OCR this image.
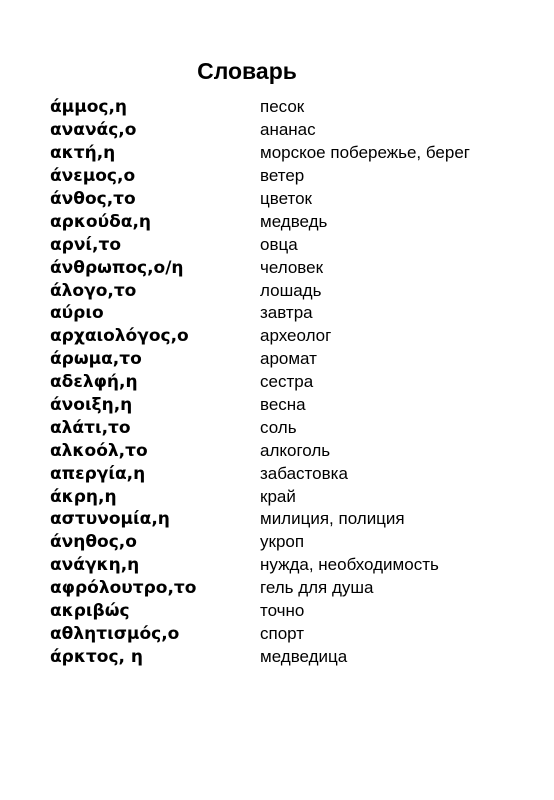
Словарь
άμμος,η	песок
ανανάς,ο	ананас
ακτή,η	морское побережье, берег
άνεμος,ο	ветер
άνθος,το	цветок
αρκούδα,η	медведь
αρνί,το	овца
άνθρωπος,ο/η	человек
άλογο,το	лошадь
αύριο	завтра
αρχαιολόγος,ο	археолог
άρωμα,το	аромат
αδελφή,η	сестра
άνοιξη,η	весна
αλάτι,το	соль
αλκοόλ,το	алкоголь
απεργία,η	забастовка
άκρη,η	край
αστυνομία,η	милиция, полиция
άνηθος,ο	укроп
ανάγκη,η	нужда, необходимость
αφρόλουτρο,το	гель для душа
ακριβώς	точно
αθλητισμός,ο	спорт
άρκτος, η	медведица
